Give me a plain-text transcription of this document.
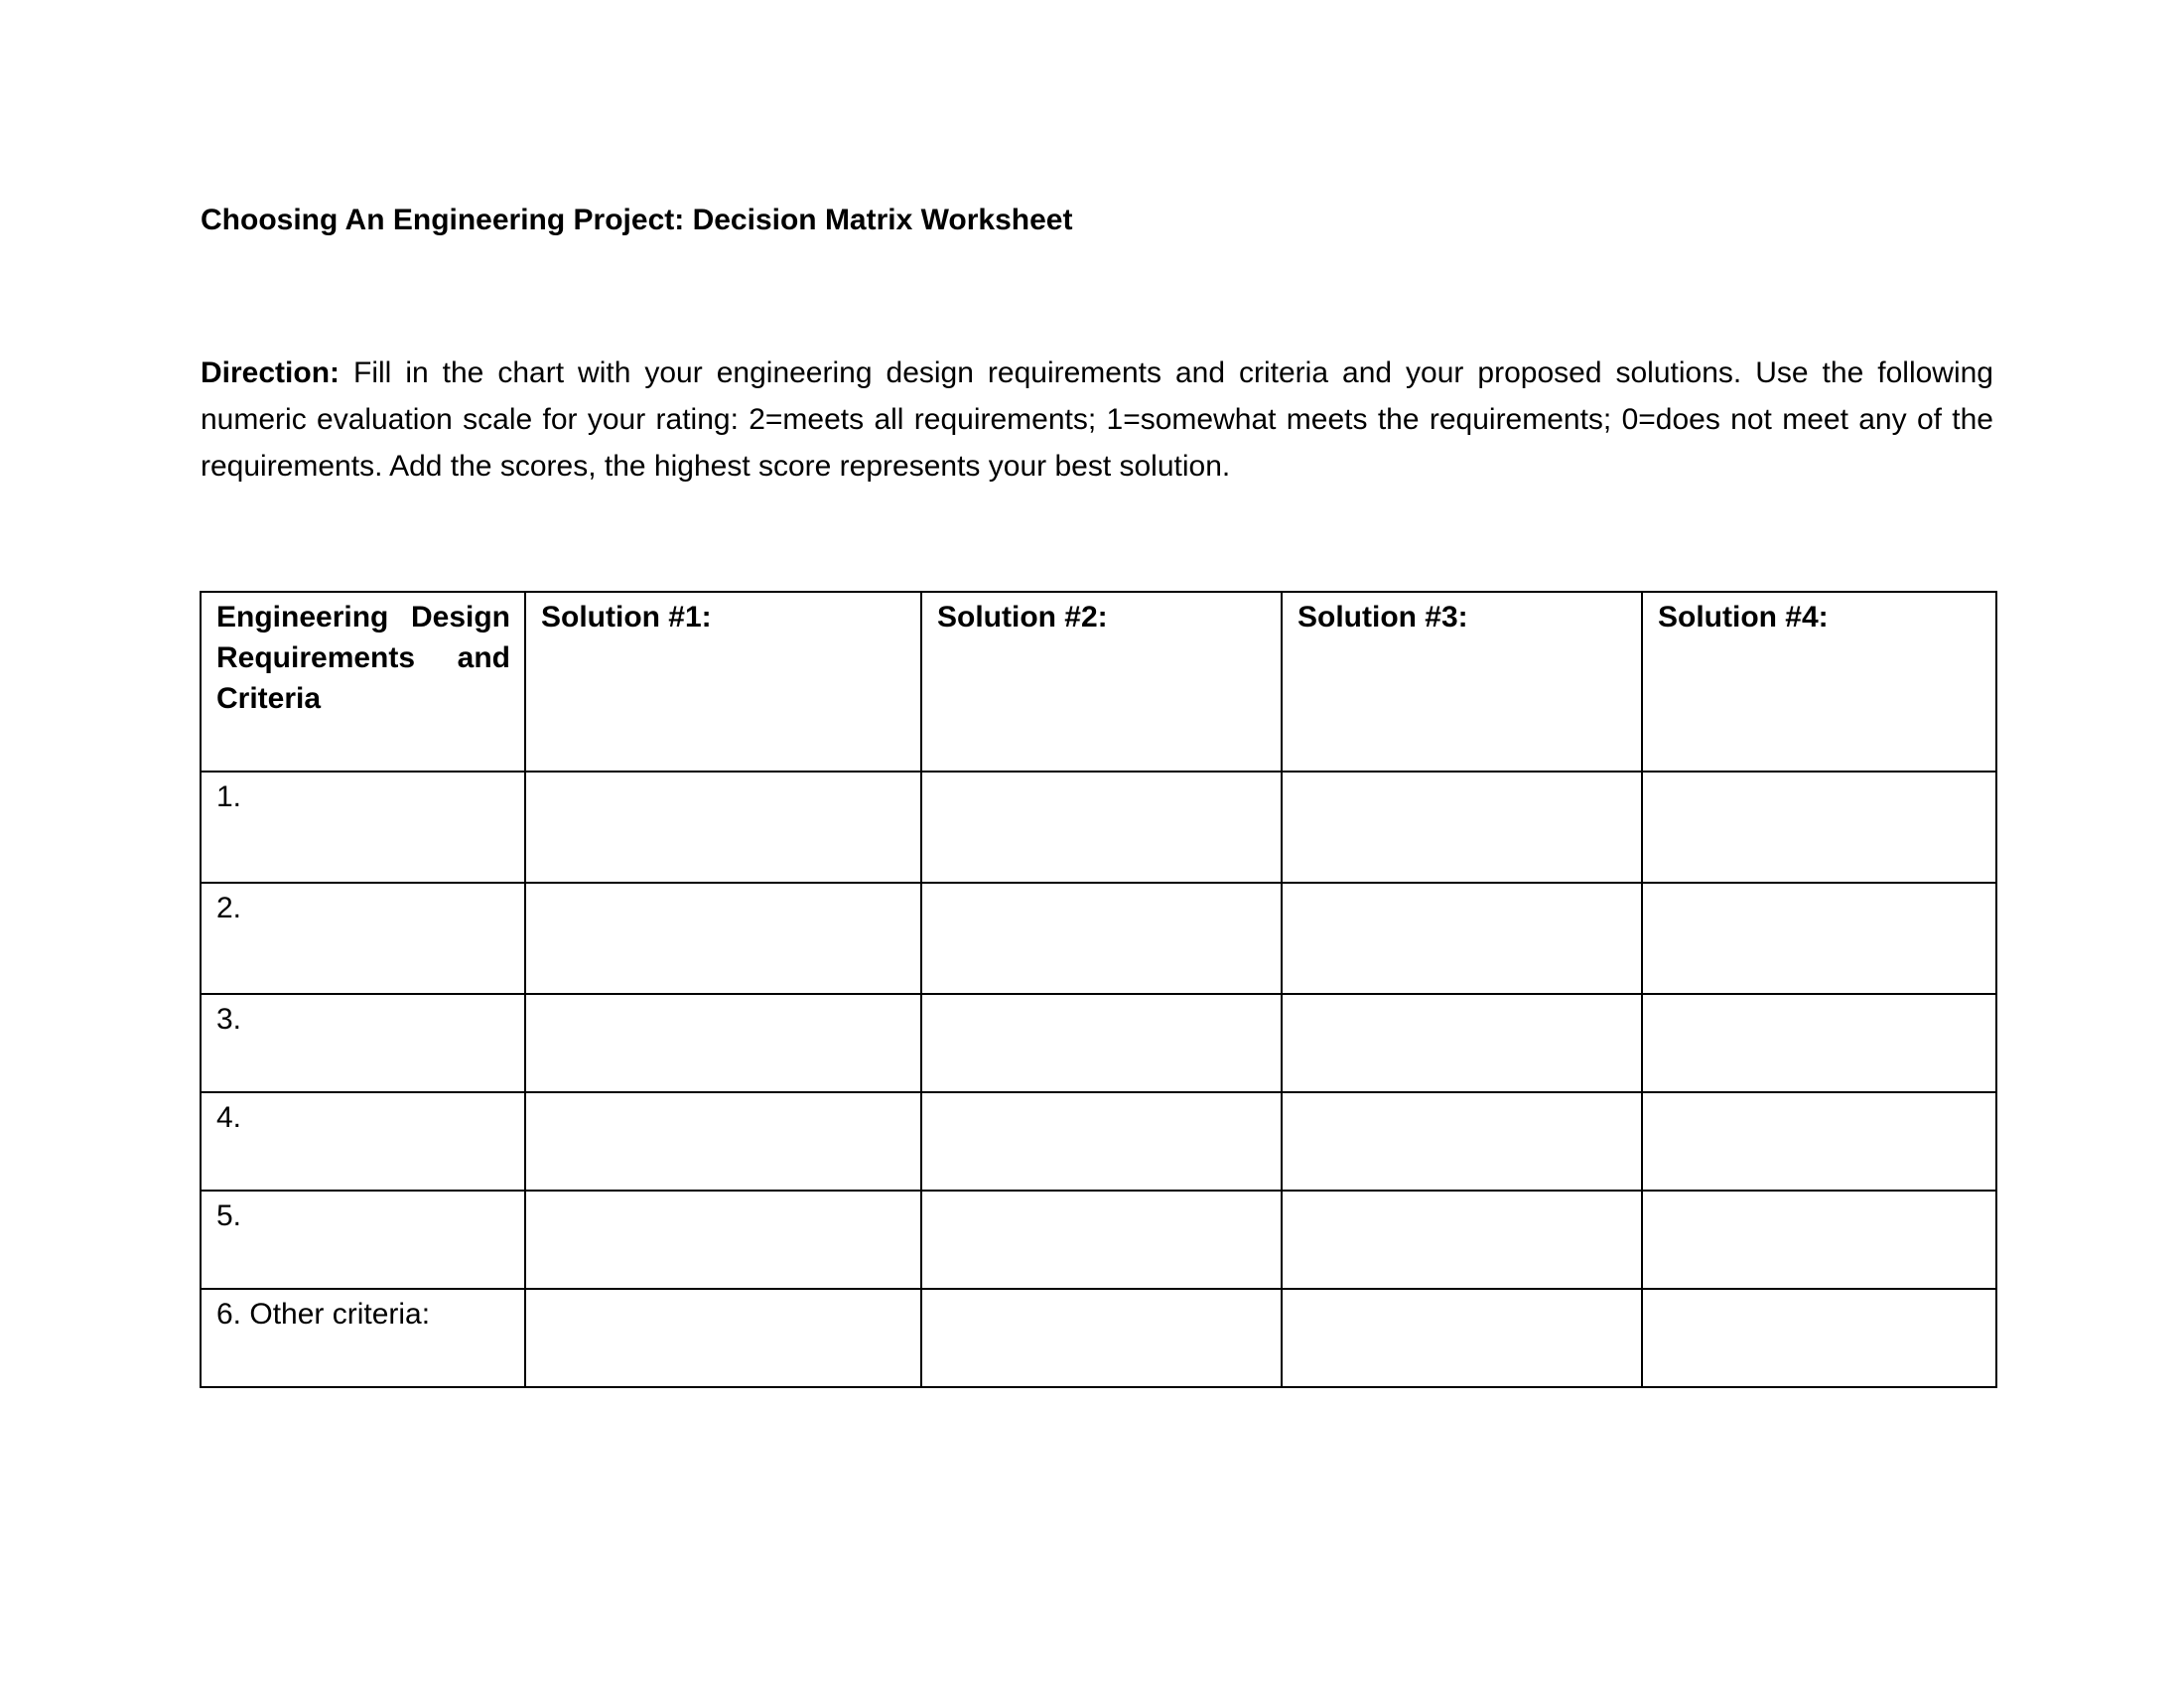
Choosing An Engineering Project: Decision Matrix Worksheet
Direction: Fill in the chart with your engineering design requirements and criteria and your proposed solutions. Use the following numeric evaluation scale for your rating: 2=meets all requirements; 1=somewhat meets the requirements; 0=does not meet any of the requirements. Add the scores, the highest score represents your best solution.
Engineering Design Requirements and Criteria	Solution #1:	Solution #2:	Solution #3:	Solution #4:
1.				
2.				
3.				
4.				
5.				
6. Other criteria:				
